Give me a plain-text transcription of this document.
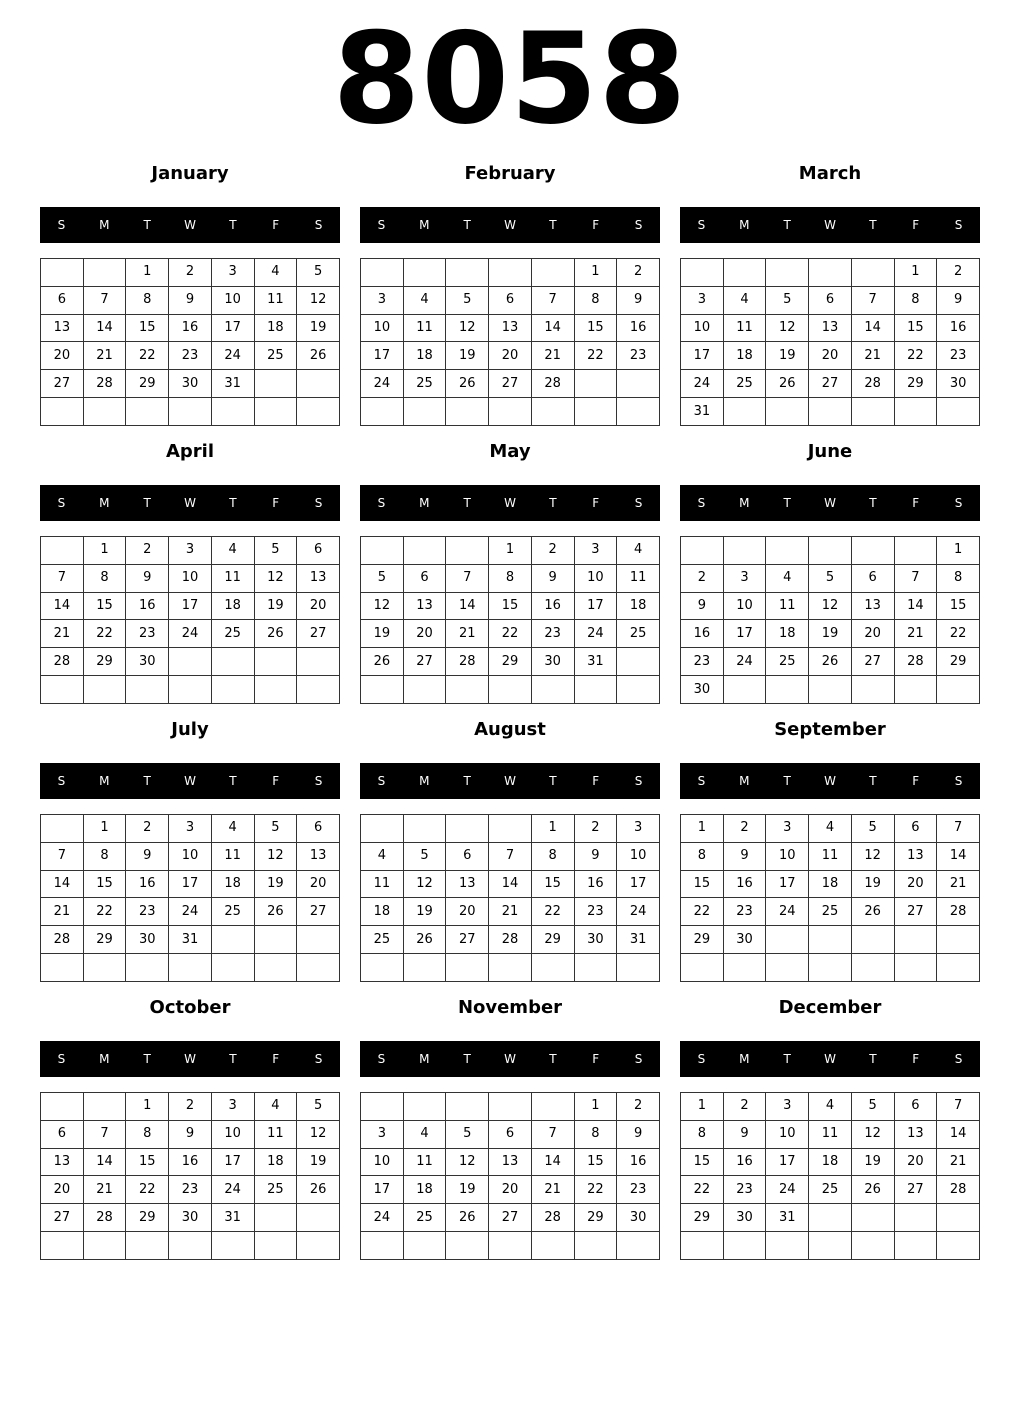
8058
January
S	M	T	W	T	F	S
		1	2	3	4	5
6	7	8	9	10	11	12
13	14	15	16	17	18	19
20	21	22	23	24	25	26
27	28	29	30	31		

February
S	M	T	W	T	F	S
					1	2
3	4	5	6	7	8	9
10	11	12	13	14	15	16
17	18	19	20	21	22	23
24	25	26	27	28		

March
S	M	T	W	T	F	S
					1	2
3	4	5	6	7	8	9
10	11	12	13	14	15	16
17	18	19	20	21	22	23
24	25	26	27	28	29	30
31						
April
S	M	T	W	T	F	S
	1	2	3	4	5	6
7	8	9	10	11	12	13
14	15	16	17	18	19	20
21	22	23	24	25	26	27
28	29	30				

May
S	M	T	W	T	F	S
			1	2	3	4
5	6	7	8	9	10	11
12	13	14	15	16	17	18
19	20	21	22	23	24	25
26	27	28	29	30	31	

June
S	M	T	W	T	F	S
						1
2	3	4	5	6	7	8
9	10	11	12	13	14	15
16	17	18	19	20	21	22
23	24	25	26	27	28	29
30						
July
S	M	T	W	T	F	S
	1	2	3	4	5	6
7	8	9	10	11	12	13
14	15	16	17	18	19	20
21	22	23	24	25	26	27
28	29	30	31			

August
S	M	T	W	T	F	S
				1	2	3
4	5	6	7	8	9	10
11	12	13	14	15	16	17
18	19	20	21	22	23	24
25	26	27	28	29	30	31

September
S	M	T	W	T	F	S
1	2	3	4	5	6	7
8	9	10	11	12	13	14
15	16	17	18	19	20	21
22	23	24	25	26	27	28
29	30					

October
S	M	T	W	T	F	S
		1	2	3	4	5
6	7	8	9	10	11	12
13	14	15	16	17	18	19
20	21	22	23	24	25	26
27	28	29	30	31		

November
S	M	T	W	T	F	S
					1	2
3	4	5	6	7	8	9
10	11	12	13	14	15	16
17	18	19	20	21	22	23
24	25	26	27	28	29	30

December
S	M	T	W	T	F	S
1	2	3	4	5	6	7
8	9	10	11	12	13	14
15	16	17	18	19	20	21
22	23	24	25	26	27	28
29	30	31				
